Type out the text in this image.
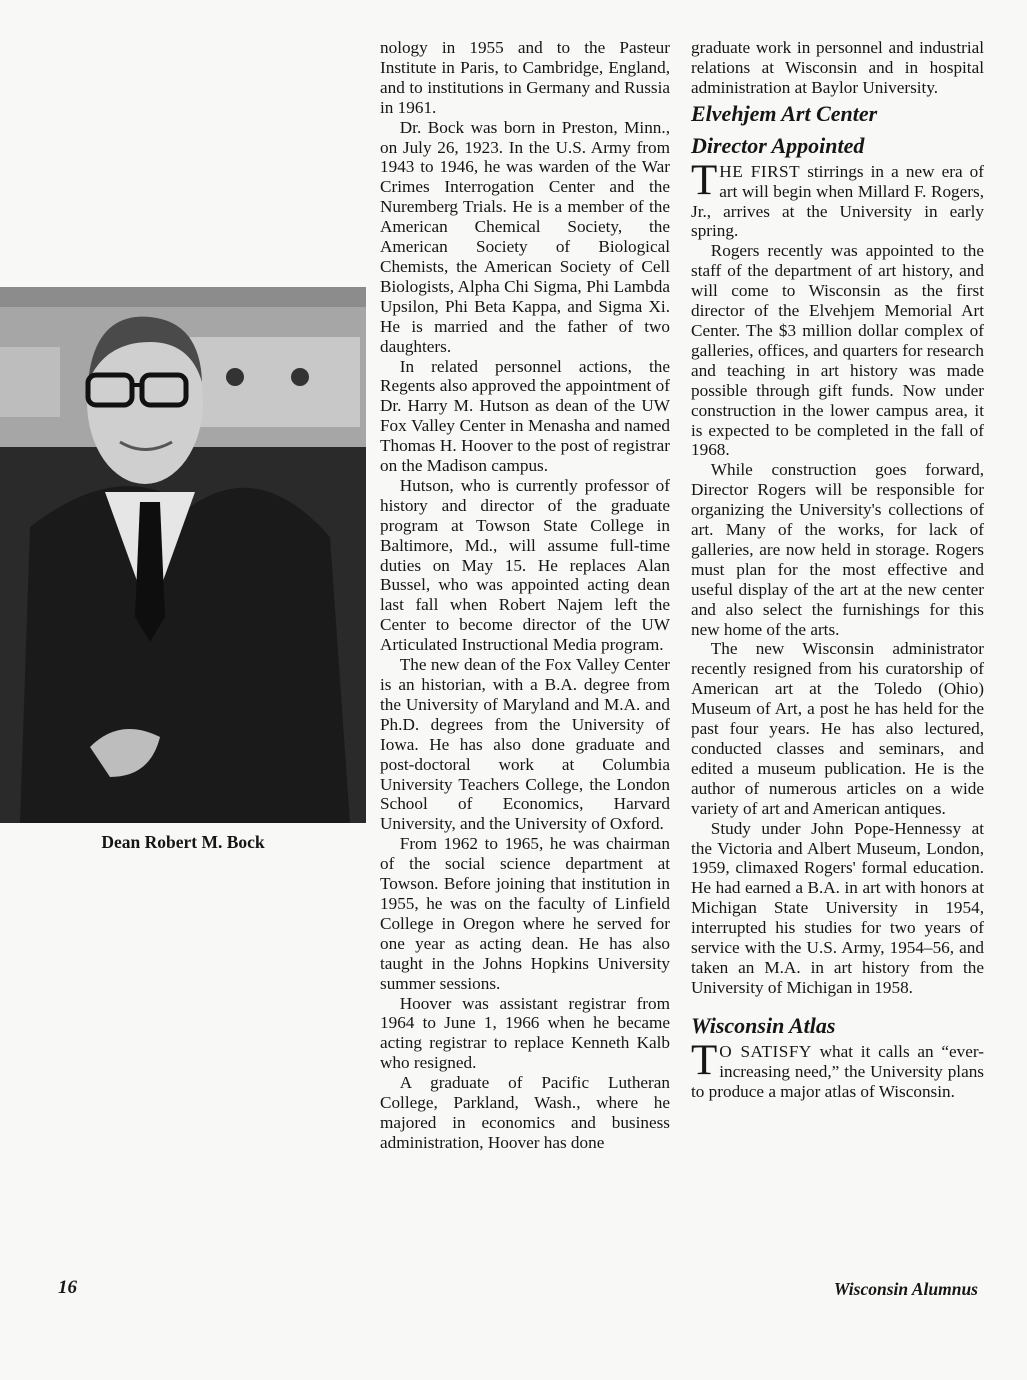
Dean Robert M. Bock

nology in 1955 and to the Pasteur Institute in Paris, to Cambridge, England, and to institutions in Germany and Russia in 1961.

Dr. Bock was born in Preston, Minn., on July 26, 1923. In the U.S. Army from 1943 to 1946, he was warden of the War Crimes Interrogation Center and the Nuremberg Trials. He is a member of the American Chemical Society, the American Society of Biological Chemists, the American Society of Cell Biologists, Alpha Chi Sigma, Phi Lambda Upsilon, Phi Beta Kappa, and Sigma Xi. He is married and the father of two daughters.

In related personnel actions, the Regents also approved the appointment of Dr. Harry M. Hutson as dean of the UW Fox Valley Center in Menasha and named Thomas H. Hoover to the post of registrar on the Madison campus.

Hutson, who is currently professor of history and director of the graduate program at Towson State College in Baltimore, Md., will assume full-time duties on May 15. He replaces Alan Bussel, who was appointed acting dean last fall when Robert Najem left the Center to become director of the UW Articulated Instructional Media program.

The new dean of the Fox Valley Center is an historian, with a B.A. degree from the University of Maryland and M.A. and Ph.D. degrees from the University of Iowa. He has also done graduate and post-doctoral work at Columbia University Teachers College, the London School of Economics, Harvard University, and the University of Oxford.

From 1962 to 1965, he was chairman of the social science department at Towson. Before joining that institution in 1955, he was on the faculty of Linfield College in Oregon where he served for one year as acting dean. He has also taught in the Johns Hopkins University summer sessions.

Hoover was assistant registrar from 1964 to June 1, 1966 when he became acting registrar to replace Kenneth Kalb who resigned.

A graduate of Pacific Lutheran College, Parkland, Wash., where he majored in economics and business administration, Hoover has done

graduate work in personnel and industrial relations at Wisconsin and in hospital administration at Baylor University.

Elvehjem Art Center
Director Appointed

THE FIRST stirrings in a new era of art will begin when Millard F. Rogers, Jr., arrives at the University in early spring.

Rogers recently was appointed to the staff of the department of art history, and will come to Wisconsin as the first director of the Elvehjem Memorial Art Center. The $3 million dollar complex of galleries, offices, and quarters for research and teaching in art history was made possible through gift funds. Now under construction in the lower campus area, it is expected to be completed in the fall of 1968.

While construction goes forward, Director Rogers will be responsible for organizing the University's collections of art. Many of the works, for lack of galleries, are now held in storage. Rogers must plan for the most effective and useful display of the art at the new center and also select the furnishings for this new home of the arts.

The new Wisconsin administrator recently resigned from his curatorship of American art at the Toledo (Ohio) Museum of Art, a post he has held for the past four years. He has also lectured, conducted classes and seminars, and edited a museum publication. He is the author of numerous articles on a wide variety of art and American antiques.

Study under John Pope-Hennessy at the Victoria and Albert Museum, London, 1959, climaxed Rogers' formal education. He had earned a B.A. in art with honors at Michigan State University in 1954, interrupted his studies for two years of service with the U.S. Army, 1954–56, and taken an M.A. in art history from the University of Michigan in 1958.

Wisconsin Atlas

T O SATISFY what it calls an “ever-increasing need,” the University plans to produce a major atlas of Wisconsin.

16	Wisconsin Alumnus
